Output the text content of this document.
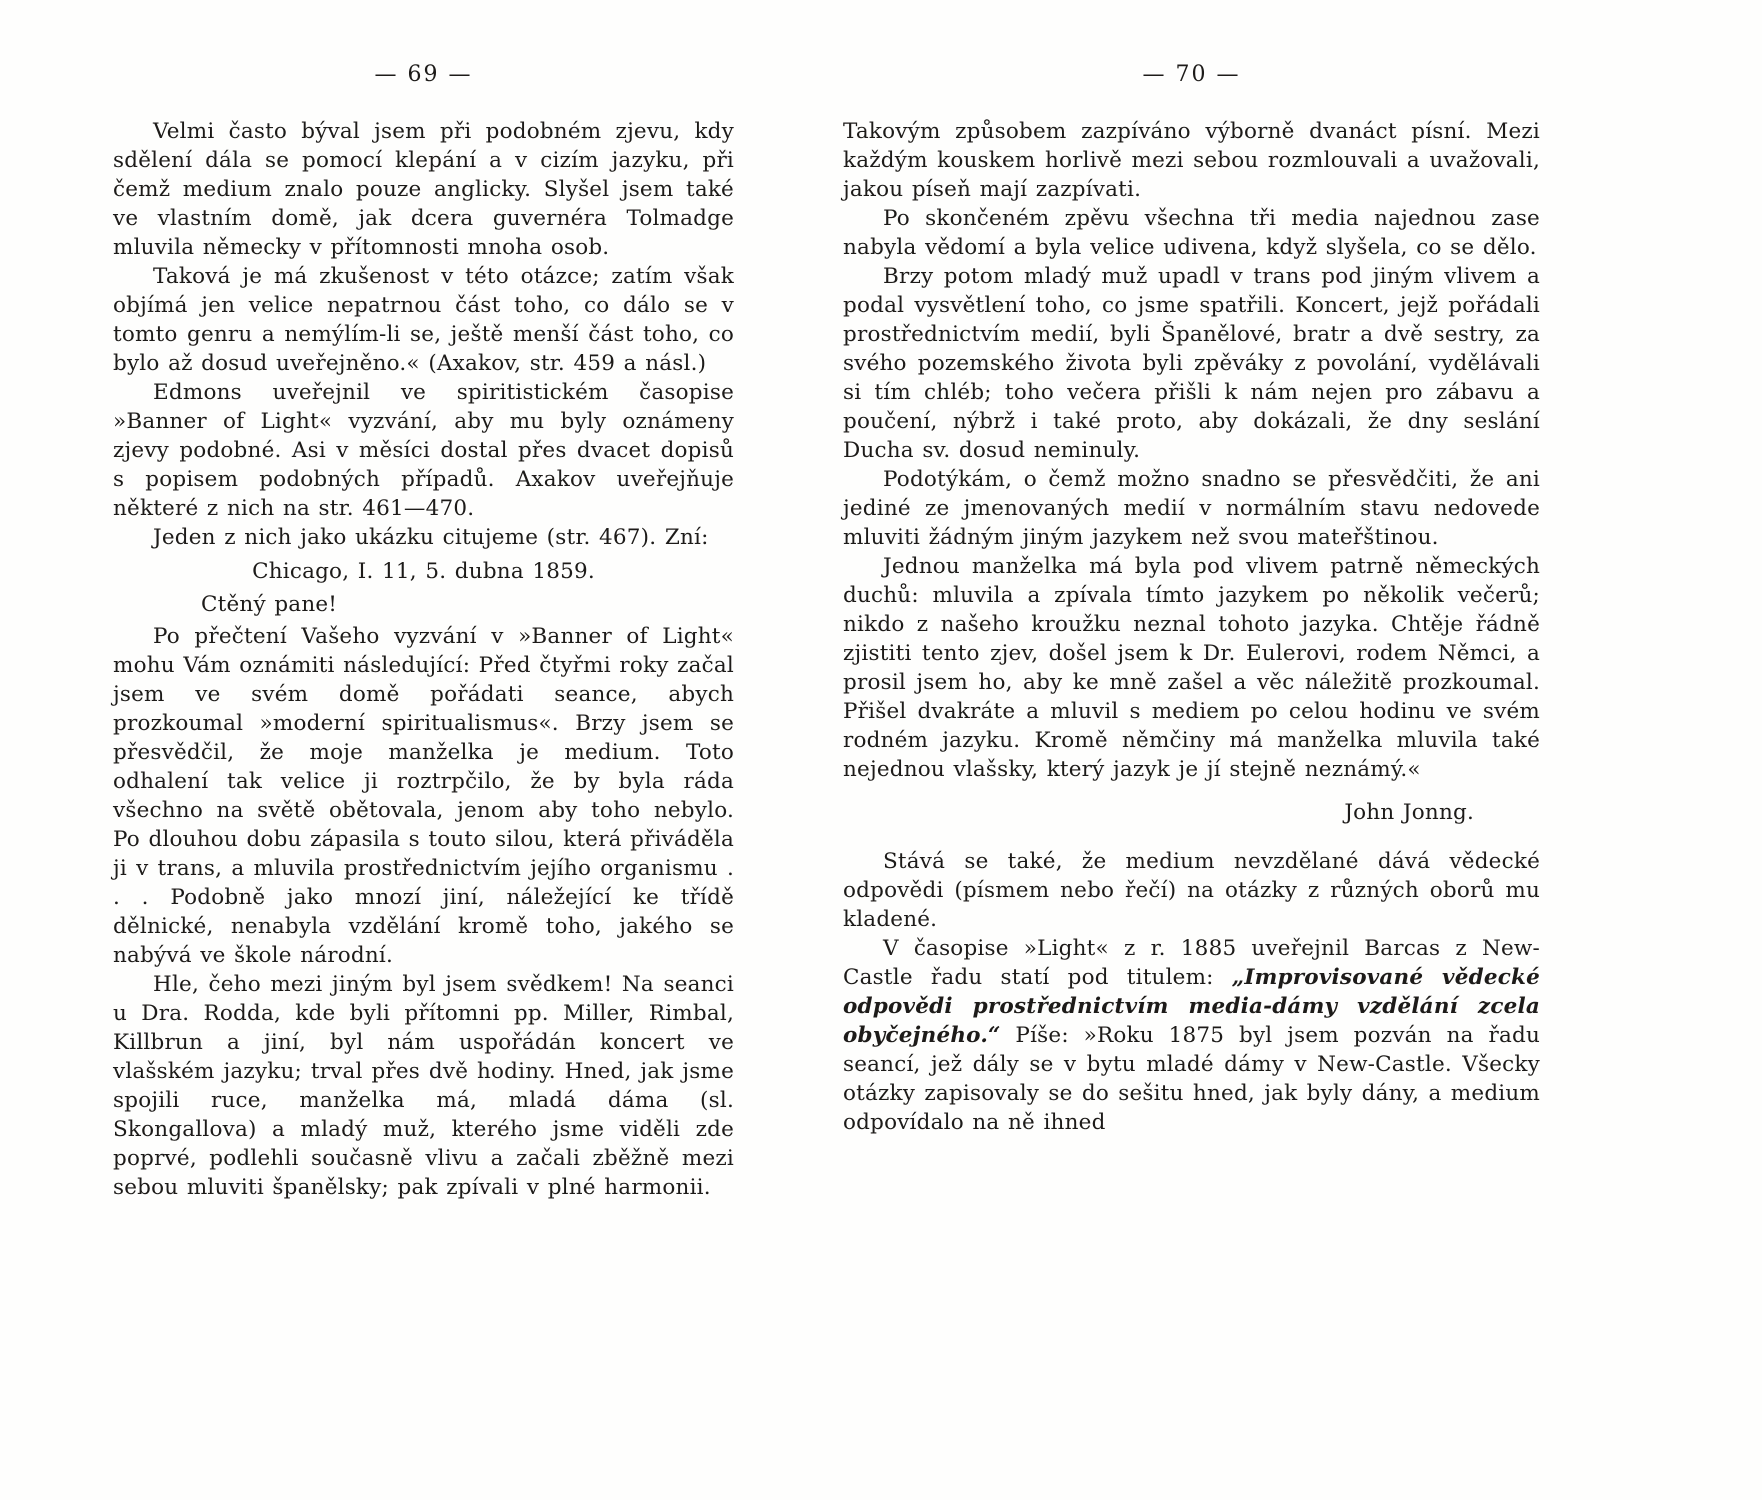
— 69 —

Velmi často býval jsem při podobném zjevu, kdy sdělení dála se pomocí klepání a v cizím jazyku, při čemž medium znalo pouze anglicky. Slyšel jsem také ve vlastním domě, jak dcera guvernéra Tolmadge mluvila německy v přítomnosti mnoha osob.

Taková je má zkušenost v této otázce; zatím však objímá jen velice nepatrnou část toho, co dálo se v tomto genru a nemýlím-li se, ještě menší část toho, co bylo až dosud uveřejněno.« (Axakov, str. 459 a násl.)

Edmons uveřejnil ve spiritistickém časopise »Banner of Light« vyzvání, aby mu byly oznámeny zjevy podobné. Asi v měsíci dostal přes dvacet dopisů s popisem podobných případů. Axakov uveřejňuje některé z nich na str. 461—470.

Jeden z nich jako ukázku citujeme (str. 467). Zní:

Chicago, I. 11, 5. dubna 1859.

Ctěný pane!

Po přečtení Vašeho vyzvání v »Banner of Light« mohu Vám oznámiti následující: Před čtyřmi roky začal jsem ve svém domě pořádati seance, abych prozkoumal »moderní spiritualismus«. Brzy jsem se přesvědčil, že moje manželka je medium. Toto odhalení tak velice ji roztrpčilo, že by byla ráda všechno na světě obětovala, jenom aby toho nebylo. Po dlouhou dobu zápasila s touto silou, která přiváděla ji v trans, a mluvila prostřednictvím jejího organismu . . . Podobně jako mnozí jiní, náležející ke třídě dělnické, nenabyla vzdělání kromě toho, jakého se nabývá ve škole národní.

Hle, čeho mezi jiným byl jsem svědkem! Na seanci u Dra. Rodda, kde byli přítomni pp. Miller, Rimbal, Killbrun a jiní, byl nám uspořádán koncert ve vlašském jazyku; trval přes dvě hodiny. Hned, jak jsme spojili ruce, manželka má, mladá dáma (sl. Skongallova) a mladý muž, kterého jsme viděli zde poprvé, podlehli současně vlivu a začali zběžně mezi sebou mluviti španělsky; pak zpívali v plné harmonii.

— 70 —

Takovým způsobem zazpíváno výborně dvanáct písní. Mezi každým kouskem horlivě mezi sebou rozmlouvali a uvažovali, jakou píseň mají zazpívati.

Po skončeném zpěvu všechna tři media najednou zase nabyla vědomí a byla velice udivena, když slyšela, co se dělo.

Brzy potom mladý muž upadl v trans pod jiným vlivem a podal vysvětlení toho, co jsme spatřili. Koncert, jejž pořádali prostřednictvím medií, byli Španělové, bratr a dvě sestry, za svého pozemského života byli zpěváky z povolání, vydělávali si tím chléb; toho večera přišli k nám nejen pro zábavu a poučení, nýbrž i také proto, aby dokázali, že dny seslání Ducha sv. dosud neminuly.

Podotýkám, o čemž možno snadno se přesvědčiti, že ani jediné ze jmenovaných medií v normálním stavu nedovede mluviti žádným jiným jazykem než svou mateřštinou.

Jednou manželka má byla pod vlivem patrně německých duchů: mluvila a zpívala tímto jazykem po několik večerů; nikdo z našeho kroužku neznal tohoto jazyka. Chtěje řádně zjistiti tento zjev, došel jsem k Dr. Eulerovi, rodem Němci, a prosil jsem ho, aby ke mně zašel a věc náležitě prozkoumal. Přišel dvakráte a mluvil s mediem po celou hodinu ve svém rodném jazyku. Kromě němčiny má manželka mluvila také nejednou vlašsky, který jazyk je jí stejně neznámý.«

John Jonng.

Stává se také, že medium nevzdělané dává vědecké odpovědi (písmem nebo řečí) na otázky z různých oborů mu kladené.

V časopise »Light« z r. 1885 uveřejnil Barcas z New-Castle řadu statí pod titulem: „Improvisované vědecké odpovědi prostřednictvím media-dámy vzdělání zcela obyčejného.“ Píše: »Roku 1875 byl jsem pozván na řadu seancí, jež dály se v bytu mladé dámy v New-Castle. Všecky otázky zapisovaly se do sešitu hned, jak byly dány, a medium odpovídalo na ně ihned
